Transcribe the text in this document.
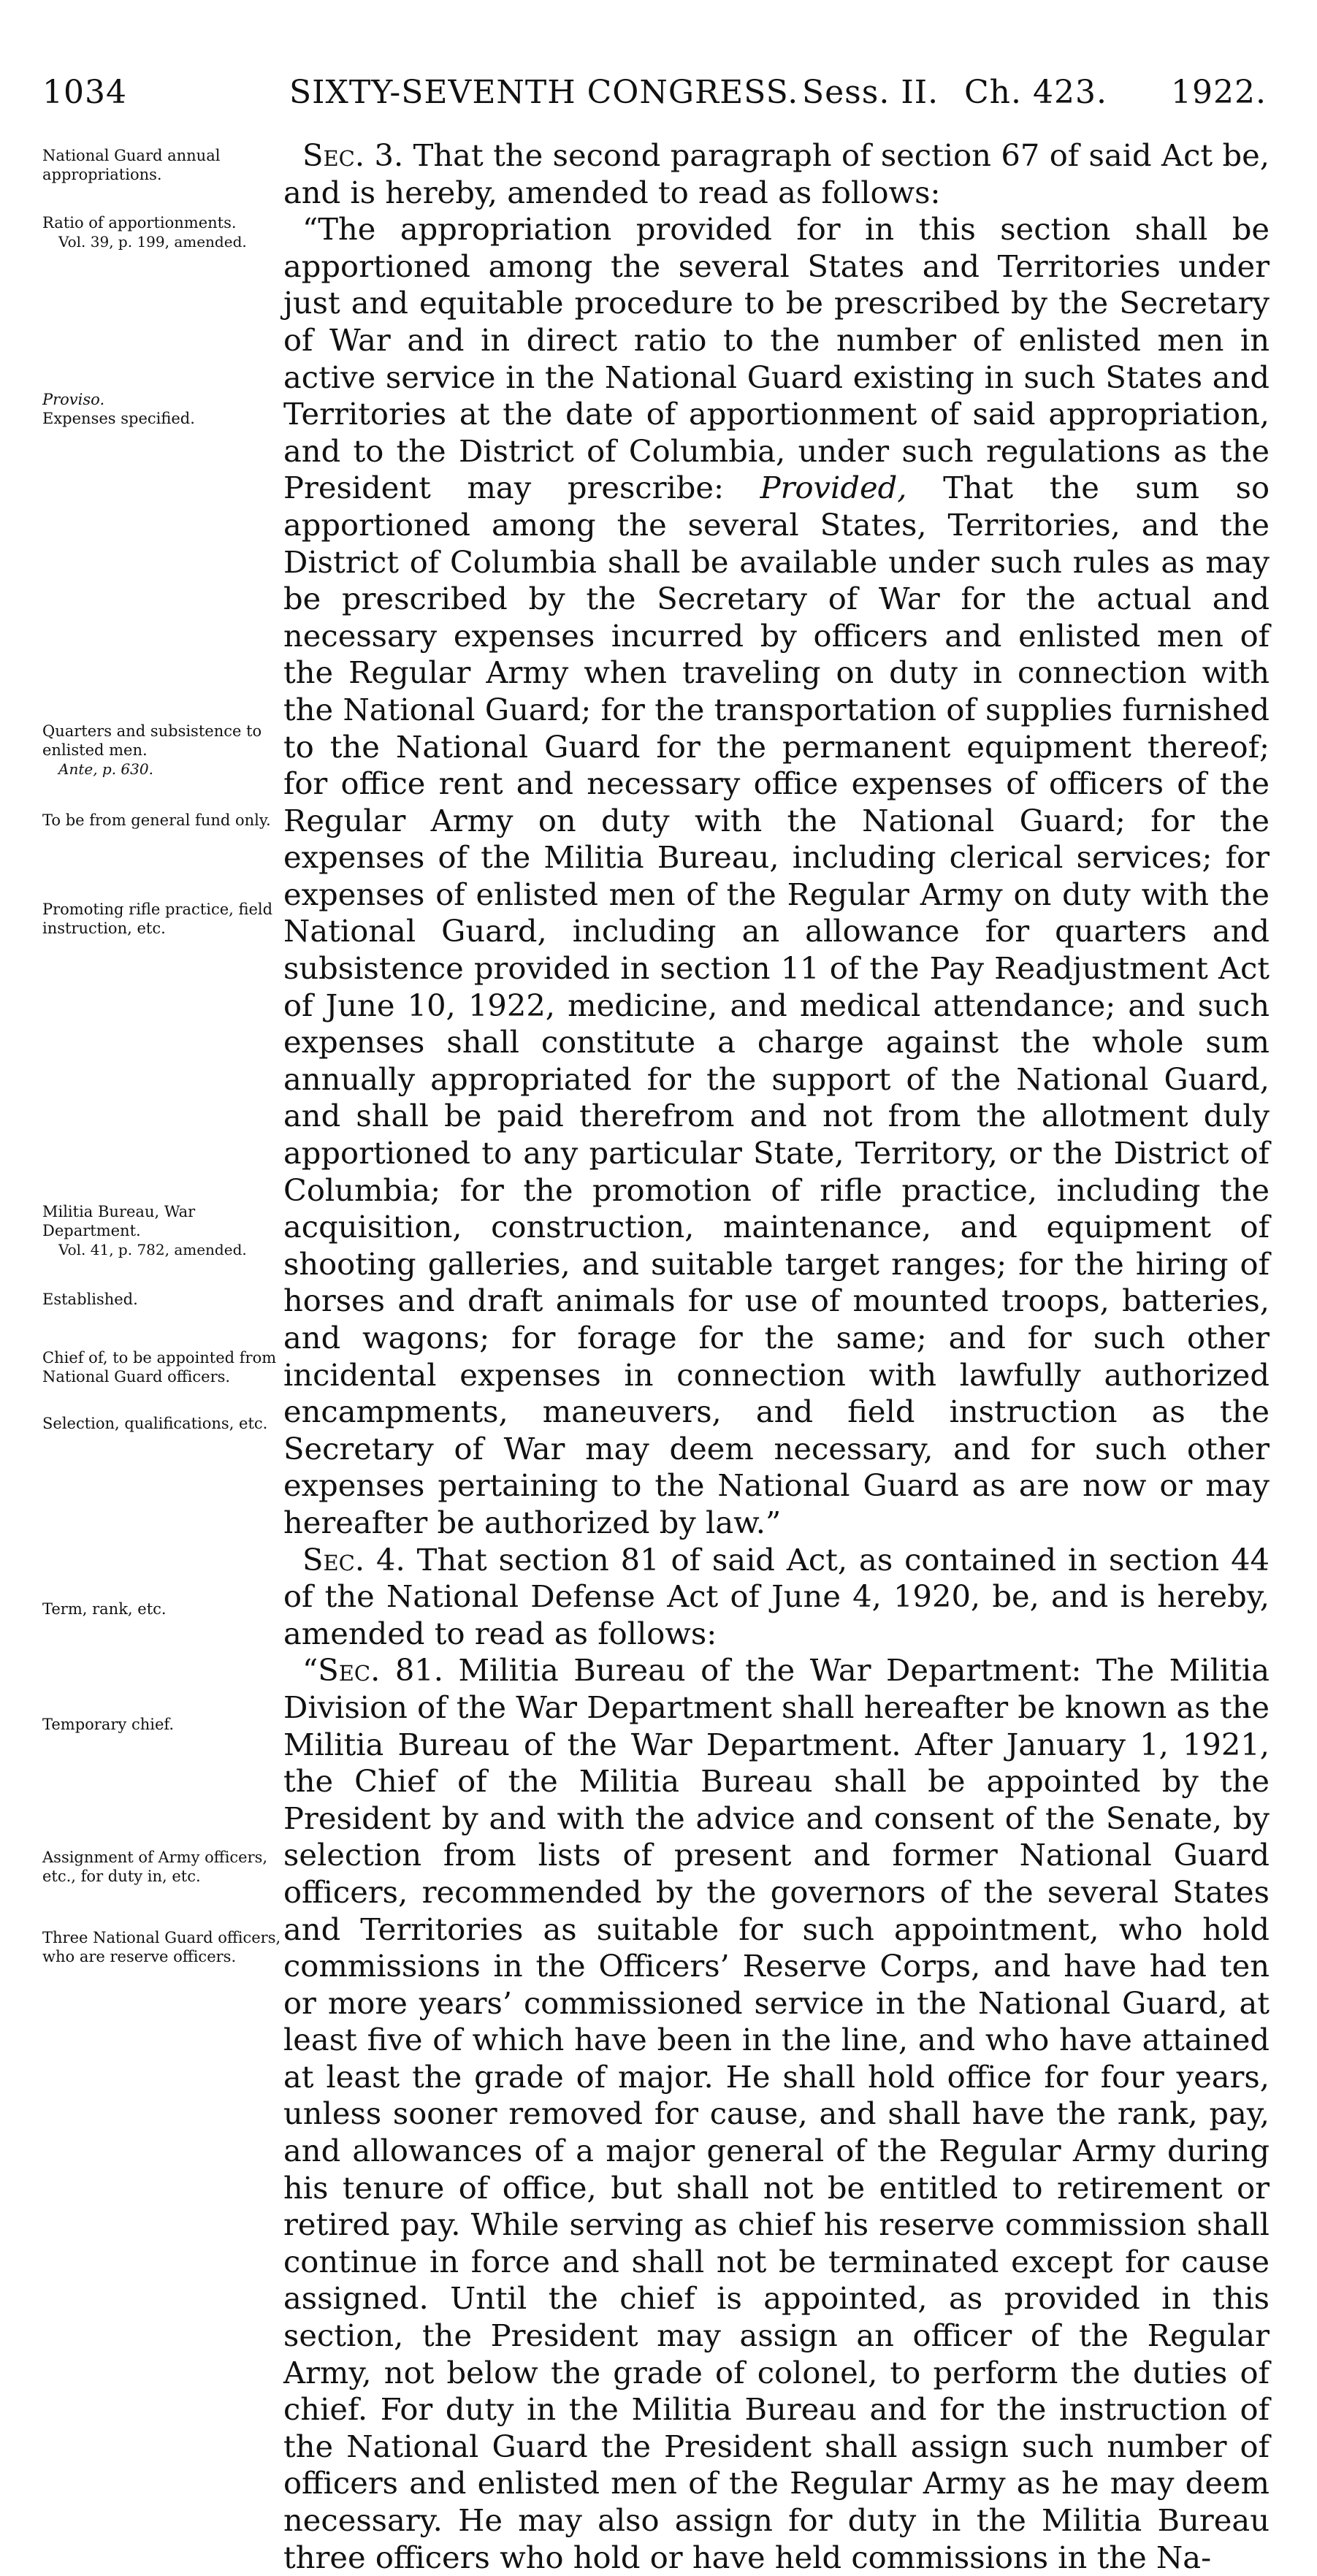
1034	SIXTY-SEVENTH CONGRESS. Sess. II. Ch. 423. 1922.
National Guard annual appropriations.
Ratio of apportionments.
Vol. 39, p. 199, amended.
Proviso.
Expenses specified.
Quarters and subsistence to enlisted men.
Ante, p. 630.
To be from general fund only.
Promoting rifle practice, field instruction, etc.
Militia Bureau, War Department.
Vol. 41, p. 782, amended.
Established.
Chief of, to be appointed from National Guard officers.
Selection, qualifications, etc.
Term, rank, etc.
Temporary chief.
Assignment of Army officers, etc., for duty in, etc.
Three National Guard officers, who are reserve officers.

Sec. 3. That the second paragraph of section 67 of said Act be, and is hereby, amended to read as follows:

“The appropriation provided for in this section shall be apportioned among the several States and Territories under just and equitable procedure to be prescribed by the Secretary of War and in direct ratio to the number of enlisted men in active service in the National Guard existing in such States and Territories at the date of apportionment of said appropriation, and to the District of Columbia, under such regulations as the President may prescribe: Provided, That the sum so apportioned among the several States, Territories, and the District of Columbia shall be available under such rules as may be prescribed by the Secretary of War for the actual and necessary expenses incurred by officers and enlisted men of the Regular Army when traveling on duty in connection with the National Guard; for the transportation of supplies furnished to the National Guard for the permanent equipment thereof; for office rent and necessary office expenses of officers of the Regular Army on duty with the National Guard; for the expenses of the Militia Bureau, including clerical services; for expenses of enlisted men of the Regular Army on duty with the National Guard, including an allowance for quarters and subsistence provided in section 11 of the Pay Readjustment Act of June 10, 1922, medicine, and medical attendance; and such expenses shall constitute a charge against the whole sum annually appropriated for the support of the National Guard, and shall be paid therefrom and not from the allotment duly apportioned to any particular State, Territory, or the District of Columbia; for the promotion of rifle practice, including the acquisition, construction, maintenance, and equipment of shooting galleries, and suitable target ranges; for the hiring of horses and draft animals for use of mounted troops, batteries, and wagons; for forage for the same; and for such other incidental expenses in connection with lawfully authorized encampments, maneuvers, and field instruction as the Secretary of War may deem necessary, and for such other expenses pertaining to the National Guard as are now or may hereafter be authorized by law.”

Sec. 4. That section 81 of said Act, as contained in section 44 of the National Defense Act of June 4, 1920, be, and is hereby, amended to read as follows:

“Sec. 81. Militia Bureau of the War Department: The Militia Division of the War Department shall hereafter be known as the Militia Bureau of the War Department. After January 1, 1921, the Chief of the Militia Bureau shall be appointed by the President by and with the advice and consent of the Senate, by selection from lists of present and former National Guard officers, recommended by the governors of the several States and Territories as suitable for such appointment, who hold commissions in the Officers’ Reserve Corps, and have had ten or more years’ commissioned service in the National Guard, at least five of which have been in the line, and who have attained at least the grade of major. He shall hold office for four years, unless sooner removed for cause, and shall have the rank, pay, and allowances of a major general of the Regular Army during his tenure of office, but shall not be entitled to retirement or retired pay. While serving as chief his reserve commission shall continue in force and shall not be terminated except for cause assigned. Until the chief is appointed, as provided in this section, the President may assign an officer of the Regular Army, not below the grade of colonel, to perform the duties of chief. For duty in the Militia Bureau and for the instruction of the National Guard the President shall assign such number of officers and enlisted men of the Regular Army as he may deem necessary. He may also assign for duty in the Militia Bureau three officers who hold or have held commissions in the Na-
